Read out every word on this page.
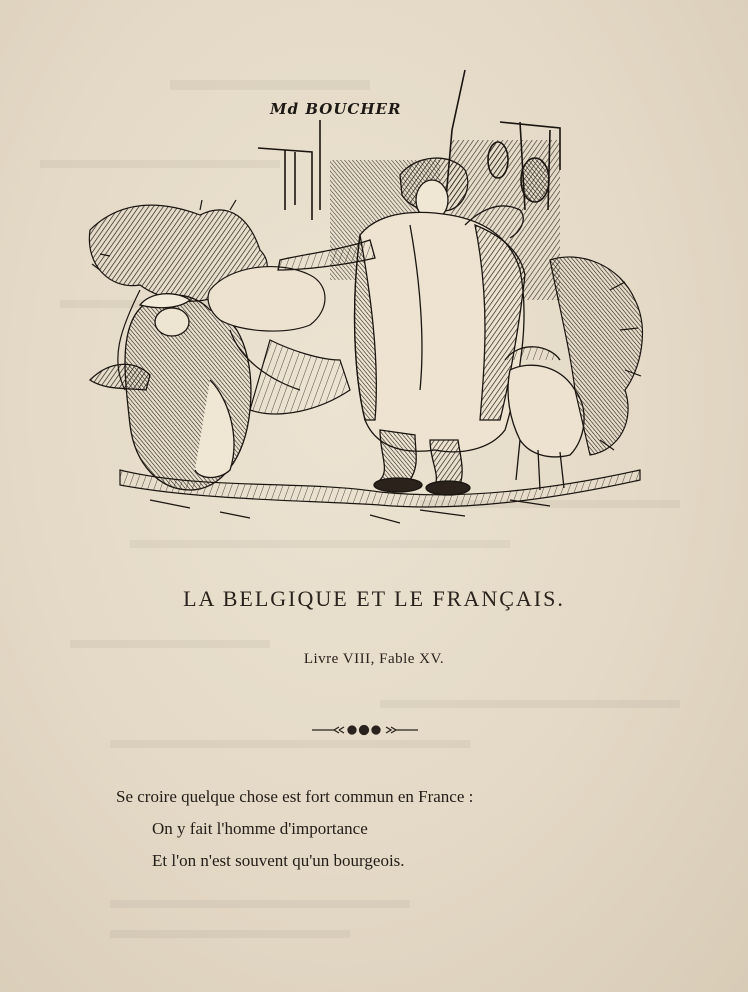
Md BOUCHER
LA BELGIQUE ET LE FRANÇAIS.
Livre VIII, Fable XV.
Se croire quelque chose est fort commun en France :
On y fait l'homme d'importance
Et l'on n'est souvent qu'un bourgeois.
